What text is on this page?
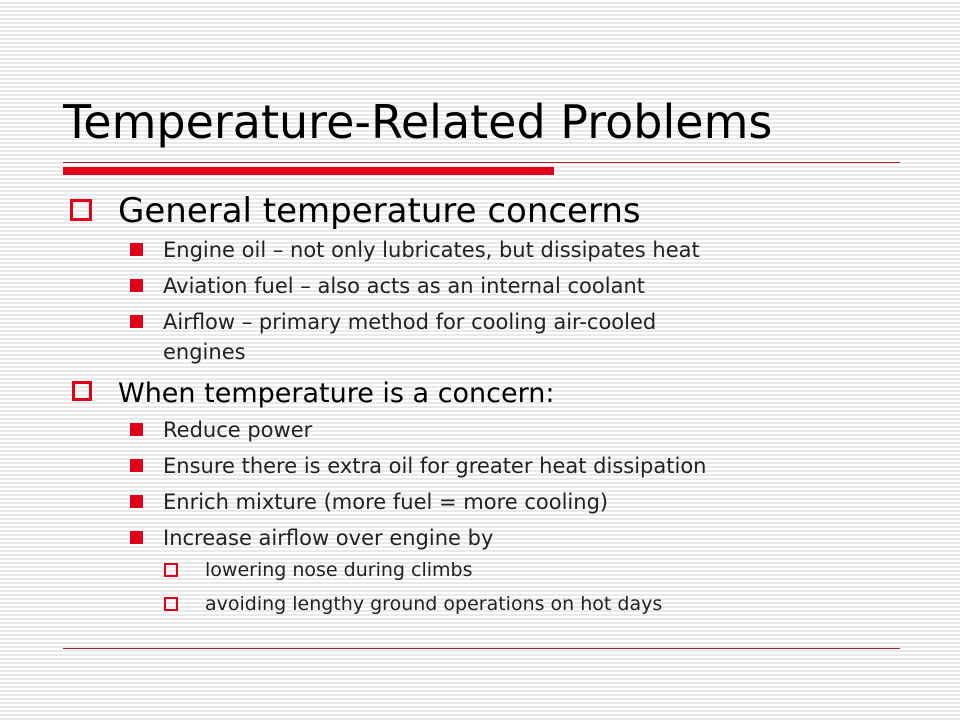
Temperature-Related Problems
General temperature concerns
Engine oil – not only lubricates, but dissipates heat
Aviation fuel – also acts as an internal coolant
Airflow – primary method for cooling air-cooled
engines
When temperature is a concern:
Reduce power
Ensure there is extra oil for greater heat dissipation
Enrich mixture (more fuel = more cooling)
Increase airflow over engine by
lowering nose during climbs
avoiding lengthy ground operations on hot days
